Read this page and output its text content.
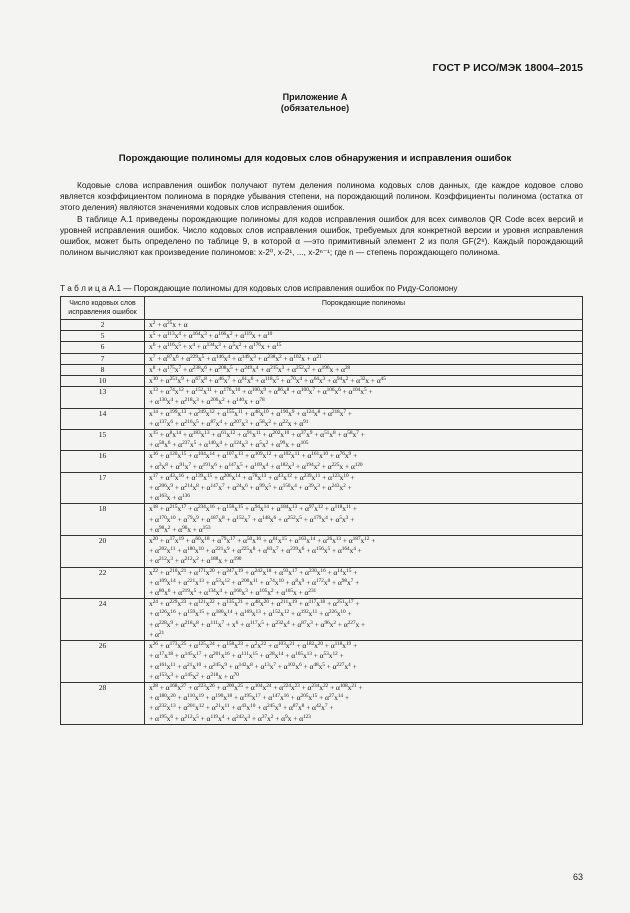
ГОСТ Р ИСО/МЭК 18004–2015
Приложение А
(обязательное)
Порождающие полиномы для кодовых слов обнаружения и исправления ошибок

Кодовые слова исправления ошибок получают путем деления полинома кодовых слов данных, где каждое кодовое слово является коэффициентом полинома в порядке убывания степени, на порождающий полином. Коэффициенты полинома (остатка от этого деления) являются значениями кодовых слов исправления ошибок.

В таблице А.1 приведены порождающие полиномы для кодов исправления ошибок для всех символов QR Code всех версий и уровней исправления ошибок. Число кодовых слов исправления ошибок, требуемых для конкретной версии и уровня исправления ошибок, может быть определено по таблице 9, в которой α —это примитивный элемент 2 из поля GF(2⁸). Каждый порождающий полином вычисляют как произведение полиномов: x-2⁰, x-2¹, ..., x-2ⁿ⁻¹; где n — степень порождающего полинома.

Т а б л и ц а А.1 — Порождающие полиномы для кодовых слов исправления ошибок по Риду-Соломону
Число кодовых слов исправления ошибок	Порождающие полиномы
2	$x^2 + \alpha^{25}x + \alpha$

5	$x^5 + \alpha^{113}x^4 + \alpha^{164}x^3 + \alpha^{166}x^2 + \alpha^{119}x + \alpha^{10}$

6	$x^6 + \alpha^{116}x^5 + x^4 + \alpha^{134}x^3 + \alpha^5x^2 + \alpha^{176}x + \alpha^{15}$

7	$x^7 + \alpha^{87}x^6 + \alpha^{229}x^5 + \alpha^{146}x^4 + \alpha^{149}x^3 + \alpha^{238}x^2 + \alpha^{102}x + \alpha^{21}$

8	$x^8 + \alpha^{175}x^7 + \alpha^{238}x^6 + \alpha^{208}x^5 + \alpha^{249}x^4 + \alpha^{215}x^3 + \alpha^{252}x^2 + \alpha^{196}x + \alpha^{28}$

10	$x^{10} + \alpha^{251}x^9 + \alpha^{67}x^8 + \alpha^{46}x^7 + \alpha^{61}x^6 + \alpha^{118}x^5 + \alpha^{70}x^4 + \alpha^{64}x^3 + \alpha^{94}x^2 + \alpha^{32}x + \alpha^{45}$

13	$x^{13} + \alpha^{74}x^{12} + \alpha^{152}x^{11} + \alpha^{176}x^{10} + \alpha^{100}x^9 + \alpha^{86}x^8 + \alpha^{100}x^7 + \alpha^{106}x^6 + \alpha^{104}x^5$ +
+ $\alpha^{130}x^4 + \alpha^{218}x^3 + \alpha^{206}x^2 + \alpha^{140}x + \alpha^{78}$

14	$x^{14} + \alpha^{199}x^{13} + \alpha^{249}x^{12} + \alpha^{155}x^{11} + \alpha^{48}x^{10} + \alpha^{190}x^9 + \alpha^{124}x^8 + \alpha^{218}x^7$ +
+ $\alpha^{137}x^6 + \alpha^{216}x^5 + \alpha^{87}x^4 + \alpha^{207}x^3 + \alpha^{58}x^2 + \alpha^{22}x + \alpha^{91}$

15	$x^{15} + \alpha^8x^{14} + \alpha^{183}x^{13} + \alpha^{61}x^{12} + \alpha^{91}x^{11} + \alpha^{202}x^{10} + \alpha^{37}x^9 + \alpha^{51}x^8 + \alpha^{58}x^7$ +
+ $\alpha^{58}x^6 + \alpha^{237}x^5 + \alpha^{140}x^4 + \alpha^{124}x^3 + \alpha^5x^2 + \alpha^{99}x + \alpha^{105}$

16	$x^{16} + \alpha^{120}x^{15} + \alpha^{104}x^{14} + \alpha^{107}x^{13} + \alpha^{109}x^{12} + \alpha^{102}x^{11} + \alpha^{161}x^{10} + \alpha^{76}x^9$ +
+ $\alpha^3x^8 + \alpha^{91}x^7 + \alpha^{191}x^6 + \alpha^{147}x^5 + \alpha^{169}x^4 + \alpha^{182}x^3 + \alpha^{194}x^2 + \alpha^{225}x + \alpha^{120}$

17	$x^{17} + \alpha^{43}x^{16} + \alpha^{139}x^{15} + \alpha^{206}x^{14} + \alpha^{78}x^{13} + \alpha^{43}x^{12} + \alpha^{239}x^{11} + \alpha^{123}x^{10}$ +
+ $\alpha^{206}x^9 + \alpha^{214}x^8 + \alpha^{147}x^7 + \alpha^{24}x^6 + \alpha^{99}x^5 + \alpha^{150}x^4 + \alpha^{39}x^3 + \alpha^{243}x^2$ +
+ $\alpha^{163}x + \alpha^{136}$

18	$x^{18} + \alpha^{215}x^{17} + \alpha^{234}x^{16} + \alpha^{158}x^{15} + \alpha^{94}x^{14} + \alpha^{184}x^{13} + \alpha^{97}x^{12} + \alpha^{118}x^{11}$ +
+ $\alpha^{170}x^{10} + \alpha^{79}x^9 + \alpha^{187}x^8 + \alpha^{152}x^7 + \alpha^{148}x^6 + \alpha^{252}x^5 + \alpha^{179}x^4 + \alpha^5x^3$ +
+ $\alpha^{98}x^2 + \alpha^{96}x + \alpha^{153}$

20	$x^{20} + \alpha^{17}x^{19} + \alpha^{60}x^{18} + \alpha^{79}x^{17} + \alpha^{50}x^{16} + \alpha^{61}x^{15} + \alpha^{163}x^{14} + \alpha^{26}x^{13} + \alpha^{187}x^{12}$ +
+ $\alpha^{202}x^{11} + \alpha^{180}x^{10} + \alpha^{221}x^9 + \alpha^{225}x^8 + \alpha^{83}x^7 + \alpha^{239}x^6 + \alpha^{156}x^5 + \alpha^{164}x^4$ +
+ $\alpha^{212}x^3 + \alpha^{212}x^2 + \alpha^{188}x + \alpha^{190}$

22	$x^{22} + \alpha^{210}x^{21} + \alpha^{171}x^{20} + \alpha^{247}x^{19} + \alpha^{242}x^{18} + \alpha^{93}x^{17} + \alpha^{230}x^{16} + \alpha^{14}x^{15}$ +
+ $\alpha^{109}x^{14} + \alpha^{221}x^{13} + \alpha^{53}x^{12} + \alpha^{200}x^{11} + \alpha^{74}x^{10} + \alpha^8x^9 + \alpha^{172}x^8 + \alpha^{98}x^7$ +
+ $\alpha^{80}x^6 + \alpha^{219}x^5 + \alpha^{134}x^4 + \alpha^{160}x^3 + \alpha^{105}x^2 + \alpha^{165}x + \alpha^{231}$

24	$x^{24} + \alpha^{229}x^{23} + \alpha^{121}x^{22} + \alpha^{135}x^{21} + \alpha^{48}x^{20} + \alpha^{211}x^{19} + \alpha^{117}x^{18} + \alpha^{251}x^{17}$ +
+ $\alpha^{126}x^{16} + \alpha^{159}x^{15} + \alpha^{180}x^{14} + \alpha^{169}x^{13} + \alpha^{152}x^{12} + \alpha^{192}x^{11} + \alpha^{226}x^{10}$ +
+ $\alpha^{228}x^9 + \alpha^{218}x^8 + \alpha^{111}x^7 + x^6 + \alpha^{117}x^5 + \alpha^{232}x^4 + \alpha^{87}x^3 + \alpha^{96}x^2 + \alpha^{227}x$ +
+ $\alpha^{21}$

26	$x^{26} + \alpha^{173}x^{25} + \alpha^{125}x^{24} + \alpha^{158}x^{23} + \alpha^2x^{22} + \alpha^{103}x^{21} + \alpha^{182}x^{20} + \alpha^{118}x^{19}$ +
+ $\alpha^{17}x^{18} + \alpha^{145}x^{17} + \alpha^{201}x^{16} + \alpha^{111}x^{15} + \alpha^{28}x^{14} + \alpha^{165}x^{13} + \alpha^{53}x^{12}$ +
+ $\alpha^{161}x^{11} + \alpha^{21}x^{10} + \alpha^{245}x^9 + \alpha^{142}x^8 + \alpha^{13}x^7 + \alpha^{102}x^6 + \alpha^{48}x^5 + \alpha^{227}x^4$ +
+ $\alpha^{153}x^3 + \alpha^{145}x^2 + \alpha^{218}x + \alpha^{70}$

28	$x^{28} + \alpha^{168}x^{27} + \alpha^{223}x^{26} + \alpha^{200}x^{25} + \alpha^{104}x^{24} + \alpha^{224}x^{23} + \alpha^{234}x^{22} + \alpha^{108}x^{21}$ +
+ $\alpha^{180}x^{20} + \alpha^{110}x^{19} + \alpha^{190}x^{18} + \alpha^{195}x^{17} + \alpha^{147}x^{16} + \alpha^{205}x^{15} + \alpha^{27}x^{14}$ +
+ $\alpha^{232}x^{13} + \alpha^{201}x^{12} + \alpha^{21}x^{11} + \alpha^{43}x^{10} + \alpha^{245}x^9 + \alpha^{87}x^8 + \alpha^{42}x^7$ +
+ $\alpha^{195}x^6 + \alpha^{212}x^5 + \alpha^{119}x^4 + \alpha^{242}x^3 + \alpha^{37}x^2 + \alpha^9x + \alpha^{123}$
63
